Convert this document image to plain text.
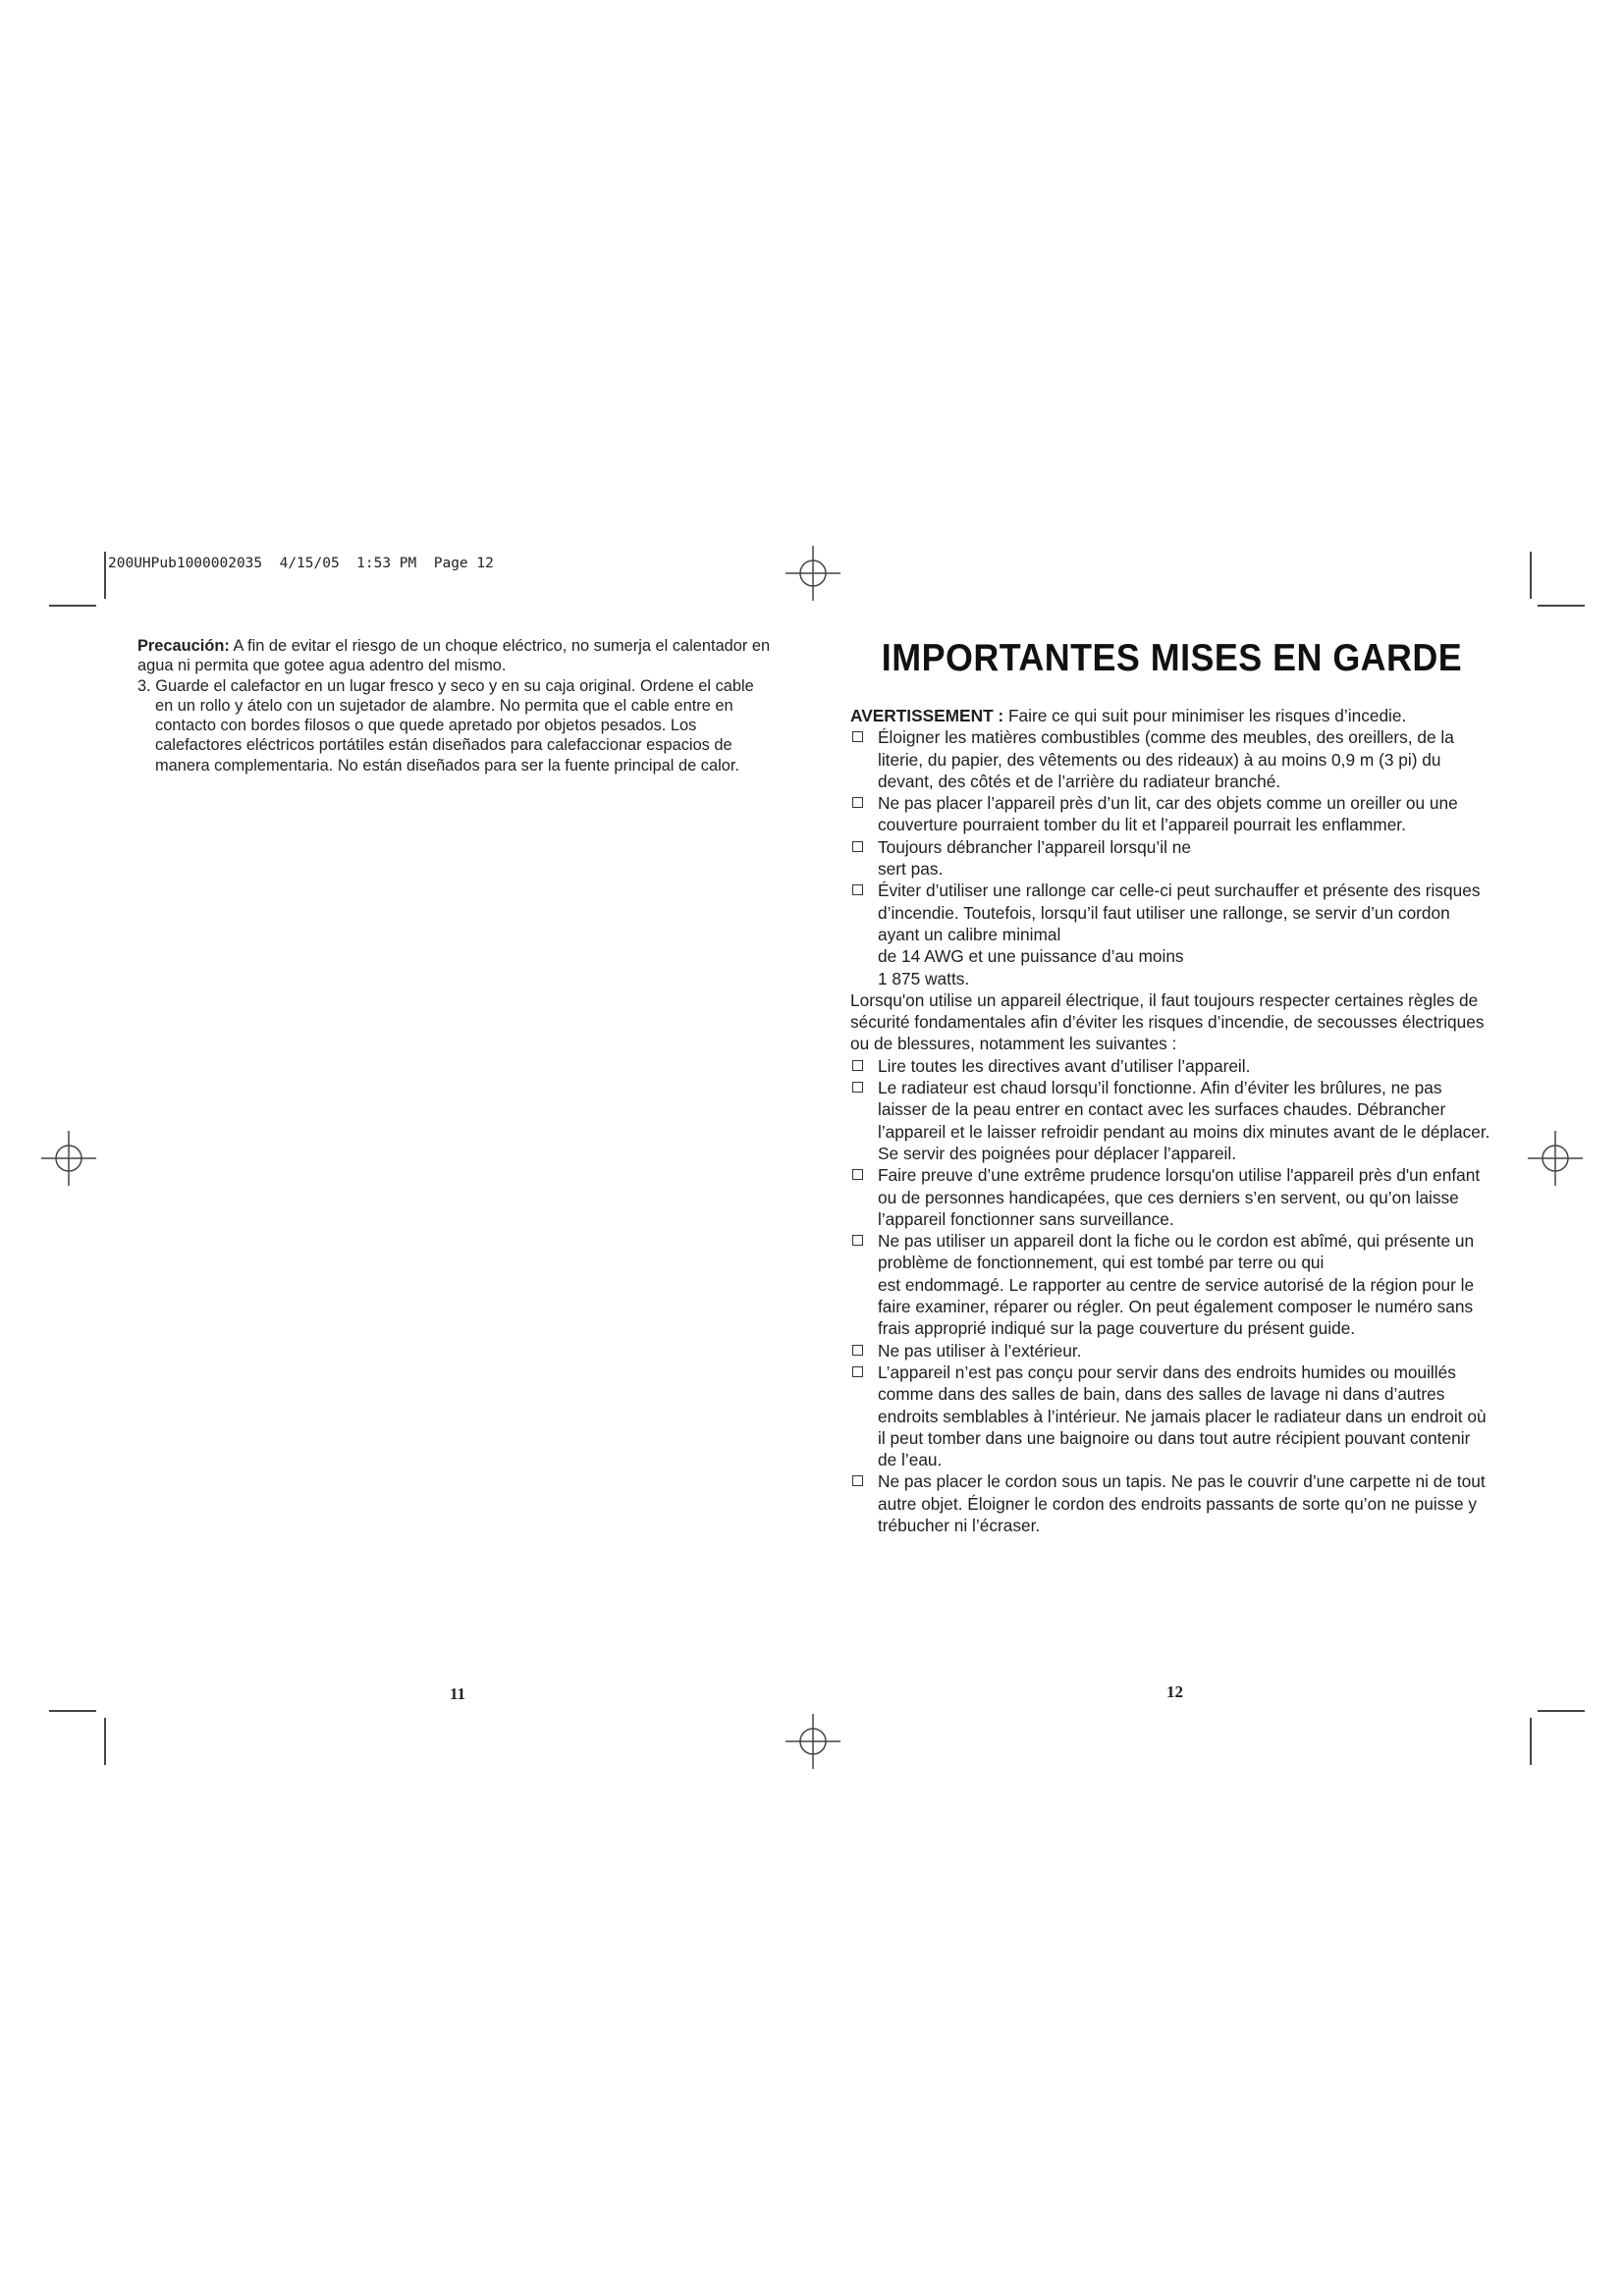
200UHPub1000002035  4/15/05  1:53 PM  Page 12

Precaución: A fin de evitar el riesgo de un choque eléctrico, no sumerja el calentador en agua ni permita que gotee agua adentro del mismo.

3. Guarde el calefactor en un lugar fresco y seco y en su caja original. Ordene el cable en un rollo y átelo con un sujetador de alambre. No permita que el cable entre en contacto con bordes filosos o que quede apretado por objetos pesados. Los calefactores eléctricos portátiles están diseñados para calefaccionar espacios de manera complementaria. No están diseñados para ser la fuente principal de calor.

11
IMPORTANTES MISES EN GARDE

AVERTISSEMENT : Faire ce qui suit pour minimiser les risques d’incedie.

Éloigner les matières combustibles (comme des meubles, des oreillers, de la literie, du papier, des vêtements ou des rideaux) à au moins 0,9 m (3 pi) du devant, des côtés et de l’arrière du radiateur branché.

Ne pas placer l’appareil près d’un lit, car des objets comme un oreiller ou une couverture pourraient tomber du lit et l’appareil pourrait les enflammer.

Toujours débrancher l’appareil lorsqu’il ne
sert pas.

Éviter d’utiliser une rallonge car celle-ci peut surchauffer et présente des risques d’incendie. Toutefois, lorsqu’il faut utiliser une rallonge, se servir d’un cordon ayant un calibre minimal
de 14 AWG et une puissance d’au moins
1 875 watts.

Lorsqu'on utilise un appareil électrique, il faut toujours respecter certaines règles de sécurité fondamentales afin d’éviter les risques d’incendie, de secousses électriques ou de blessures, notamment les suivantes :

Lire toutes les directives avant d’utiliser l’appareil.

Le radiateur est chaud lorsqu’il fonctionne. Afin d’éviter les brûlures, ne pas laisser de la peau entrer en contact avec les surfaces chaudes. Débrancher l’appareil et le laisser refroidir pendant au moins dix minutes avant de le déplacer. Se servir des poignées pour déplacer l’appareil.

Faire preuve d’une extrême prudence lorsqu'on utilise l'appareil près d'un enfant ou de personnes handicapées, que ces derniers s’en servent, ou qu’on laisse l’appareil fonctionner sans surveillance.

Ne pas utiliser un appareil dont la fiche ou le cordon est abîmé, qui présente un problème de fonctionnement, qui est tombé par terre ou qui
est endommagé. Le rapporter au centre de service autorisé de la région pour le faire examiner, réparer ou régler. On peut également composer le numéro sans frais approprié indiqué sur la page couverture du présent guide.

Ne pas utiliser à l’extérieur.

L’appareil n’est pas conçu pour servir dans des endroits humides ou mouillés comme dans des salles de bain, dans des salles de lavage ni dans d’autres endroits semblables à l’intérieur. Ne jamais placer le radiateur dans un endroit où il peut tomber dans une baignoire ou dans tout autre récipient pouvant contenir de l’eau.

Ne pas placer le cordon sous un tapis. Ne pas le couvrir d’une carpette ni de tout autre objet. Éloigner le cordon des endroits passants de sorte qu’on ne puisse y trébucher ni l’écraser.

12
